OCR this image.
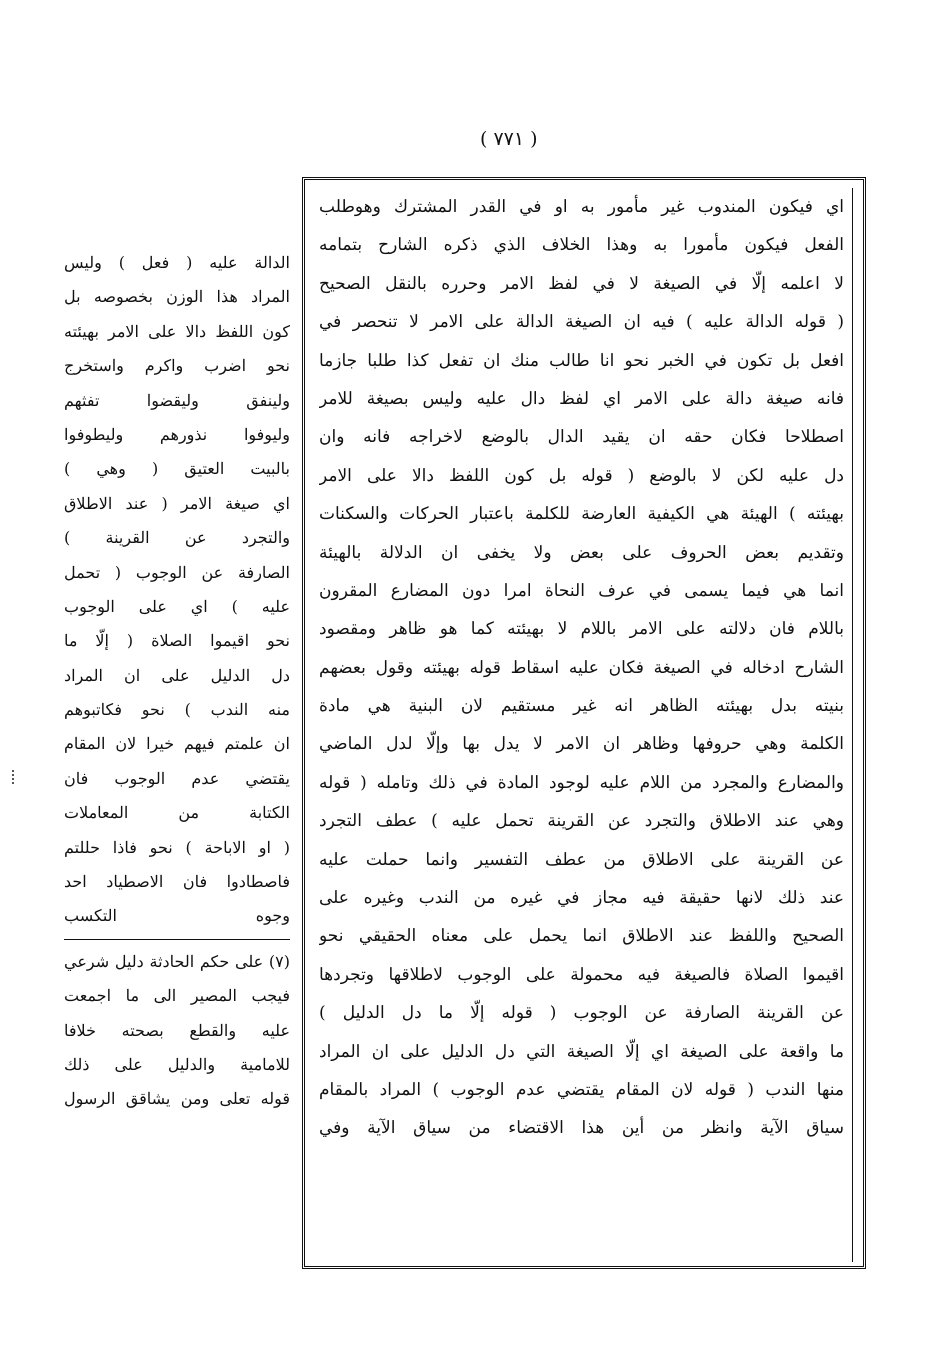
( ٧٧١ )
اي فيكون المندوب غير مأمور به او في القدر المشترك وهوطلب
الفعل فيكون مأمورا به وهذا الخلاف الذي ذكره الشارح بتمامه
لا اعلمه إلّا في الصيغة لا في لفظ الامر وحرره بالنقل الصحيح
( قوله الدالة عليه ) فيه ان الصيغة الدالة على الامر لا تنحصر في
افعل بل تكون في الخبر نحو انا طالب منك ان تفعل كذا طلبا جازما
فانه صيغة دالة على الامر اي لفظ دال عليه وليس بصيغة للامر
اصطلاحا فكان حقه ان يقيد الدال بالوضع لاخراجه فانه وان
دل عليه لكن لا بالوضع ( قوله بل كون اللفظ دالا على الامر
بهيئته ) الهيئة هي الكيفية العارضة للكلمة باعتبار الحركات والسكنات
وتقديم بعض الحروف على بعض ولا يخفى ان الدلالة بالهيئة
انما هي فيما يسمى في عرف النحاة امرا دون المضارع المقرون
باللام فان دلالته على الامر باللام لا بهيئته كما هو ظاهر ومقصود
الشارح ادخاله في الصيغة فكان عليه اسقاط قوله بهيئته وقول بعضهم
بنيته بدل بهيئته الظاهر انه غير مستقيم لان البنية هي مادة
الكلمة وهي حروفها وظاهر ان الامر لا يدل بها وإلّا لدل الماضي
والمضارع والمجرد من اللام عليه لوجود المادة في ذلك وتامله ( قوله
وهي عند الاطلاق والتجرد عن القرينة تحمل عليه ) عطف التجرد
عن القرينة على الاطلاق من عطف التفسير وانما حملت عليه
عند ذلك لانها حقيقة فيه مجاز في غيره من الندب وغيره على
الصحيح واللفظ عند الاطلاق انما يحمل على معناه الحقيقي نحو
اقيموا الصلاة فالصيغة فيه محمولة على الوجوب لاطلاقها وتجردها
عن القرينة الصارفة عن الوجوب ( قوله إلّا ما دل الدليل )
ما واقعة على الصيغة اي إلّا الصيغة التي دل الدليل على ان المراد
منها الندب ( قوله لان المقام يقتضي عدم الوجوب ) المراد بالمقام
سياق الآية وانظر من أين هذا الاقتضاء من سياق الآية وفي
الدالة عليه ( فعل ) وليس
المراد هذا الوزن بخصوصه بل
كون اللفظ دالا على الامر بهيئته
نحو اضرب واكرم واستخرج
ولينفق وليقضوا تفثهم
وليوفوا نذورهم وليطوفوا
بالبيت العتيق ( وهي )
اي صيغة الامر ( عند الاطلاق
والتجرد عن القرينة )
الصارفة عن الوجوب ( تحمل
عليه ) اي على الوجوب
نحو اقيموا الصلاة ( إلّا ما
دل الدليل على ان المراد
منه الندب ) نحو فكاتبوهم
ان علمتم فيهم خيرا لان المقام
يقتضي عدم الوجوب فان
الكتابة من المعاملات
( او الاباحة ) نحو فاذا حللتم
فاصطادوا فان الاصطياد احد
وجوه التكسب
(٧) على حكم الحادثة دليل شرعي
فيجب المصير الى ما اجمعت
عليه والقطع بصحته خلافا
للامامية والدليل على ذلك
قوله تعلى ومن يشاقق الرسول
